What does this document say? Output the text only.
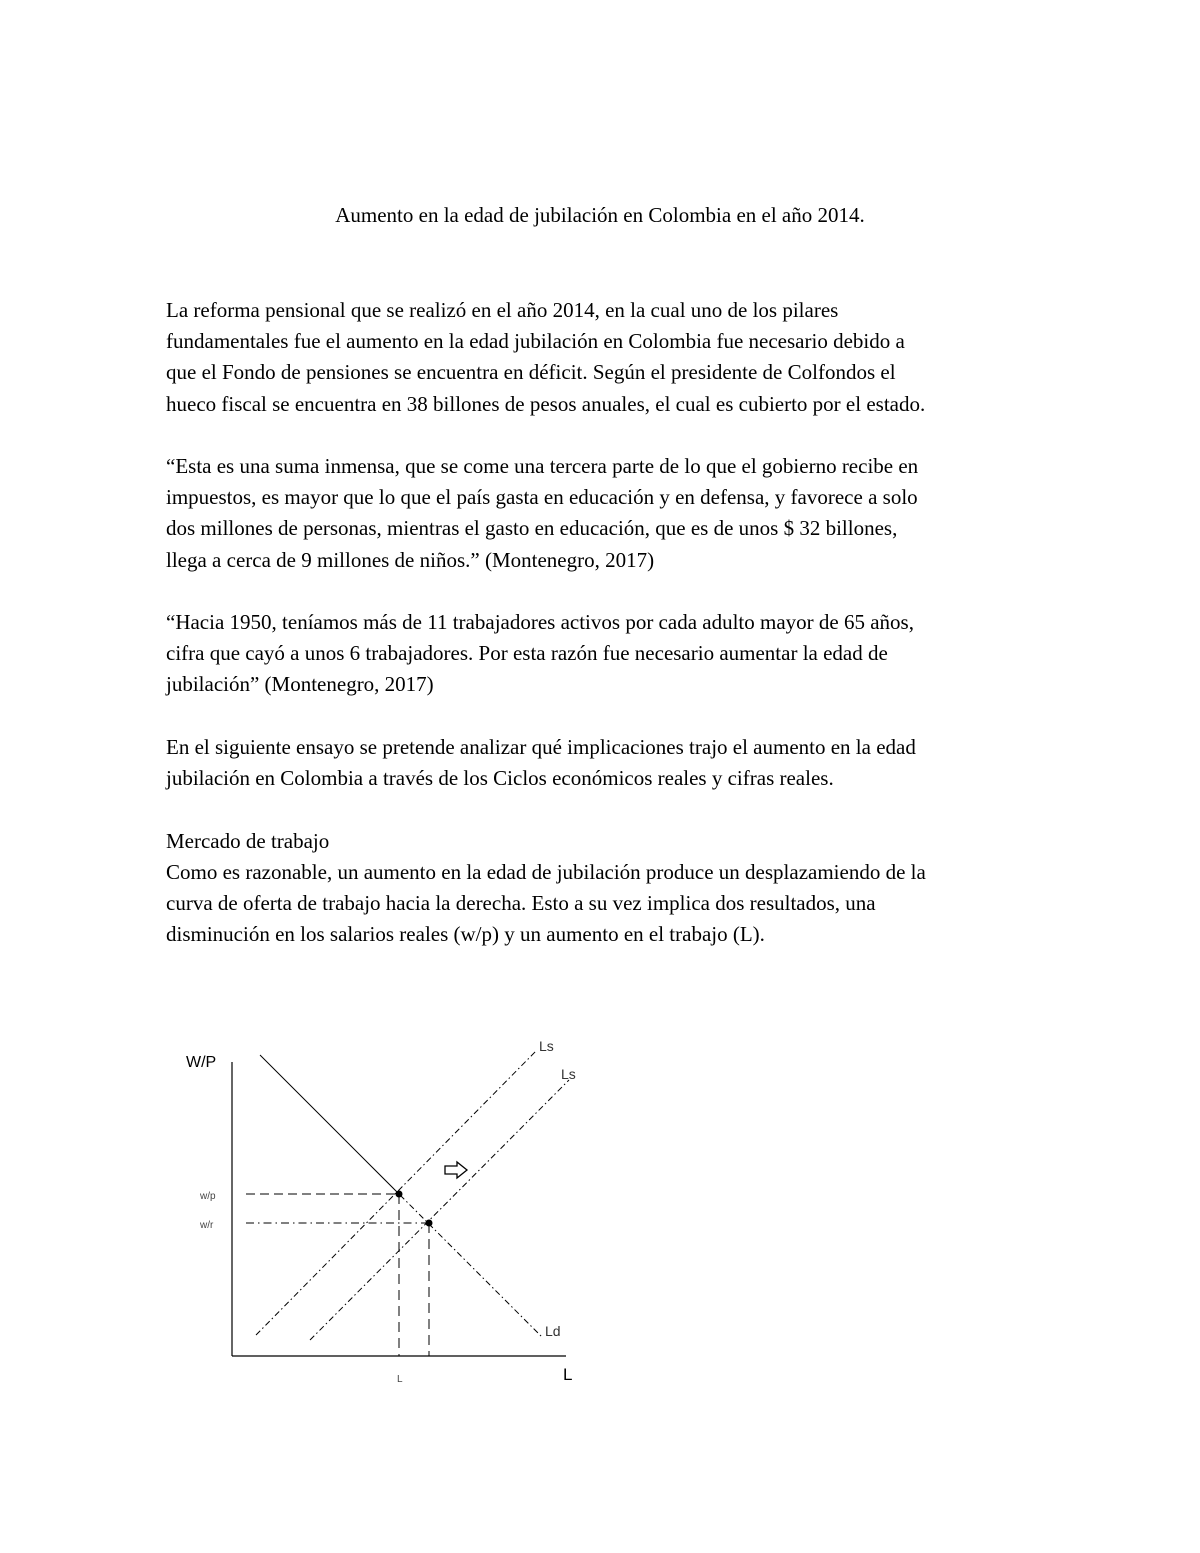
Aumento en la edad de jubilación en Colombia en el año 2014.

La reforma pensional que se realizó en el año 2014, en la cual uno de los pilares
fundamentales fue el aumento en la edad jubilación en Colombia fue necesario debido a
que el Fondo de pensiones se encuentra en déficit. Según el presidente de Colfondos el
hueco fiscal se encuentra en 38 billones de pesos anuales, el cual es cubierto por el estado.

“Esta es una suma inmensa, que se come una tercera parte de lo que el gobierno recibe en
impuestos, es mayor que lo que el país gasta en educación y en defensa, y favorece a solo
dos millones de personas, mientras el gasto en educación, que es de unos $ 32 billones,
llega a cerca de 9 millones de niños.” (Montenegro, 2017)

“Hacia 1950, teníamos más de 11 trabajadores activos por cada adulto mayor de 65 años,
cifra que cayó a unos 6 trabajadores. Por esta razón fue necesario aumentar la edad de
jubilación” (Montenegro, 2017)

En el siguiente ensayo se pretende analizar qué implicaciones trajo el aumento en la edad
jubilación en Colombia a través de los Ciclos económicos reales y cifras reales.

Mercado de trabajo

Como es razonable, un aumento en la edad de jubilación produce un desplazamiendo de la
curva de oferta de trabajo hacia la derecha. Esto a su vez implica dos resultados, una
disminución en los salarios reales (w/p) y un aumento en el trabajo (L).

W/P
L
Ls
Ls
Ld
w/p
w/r
L
